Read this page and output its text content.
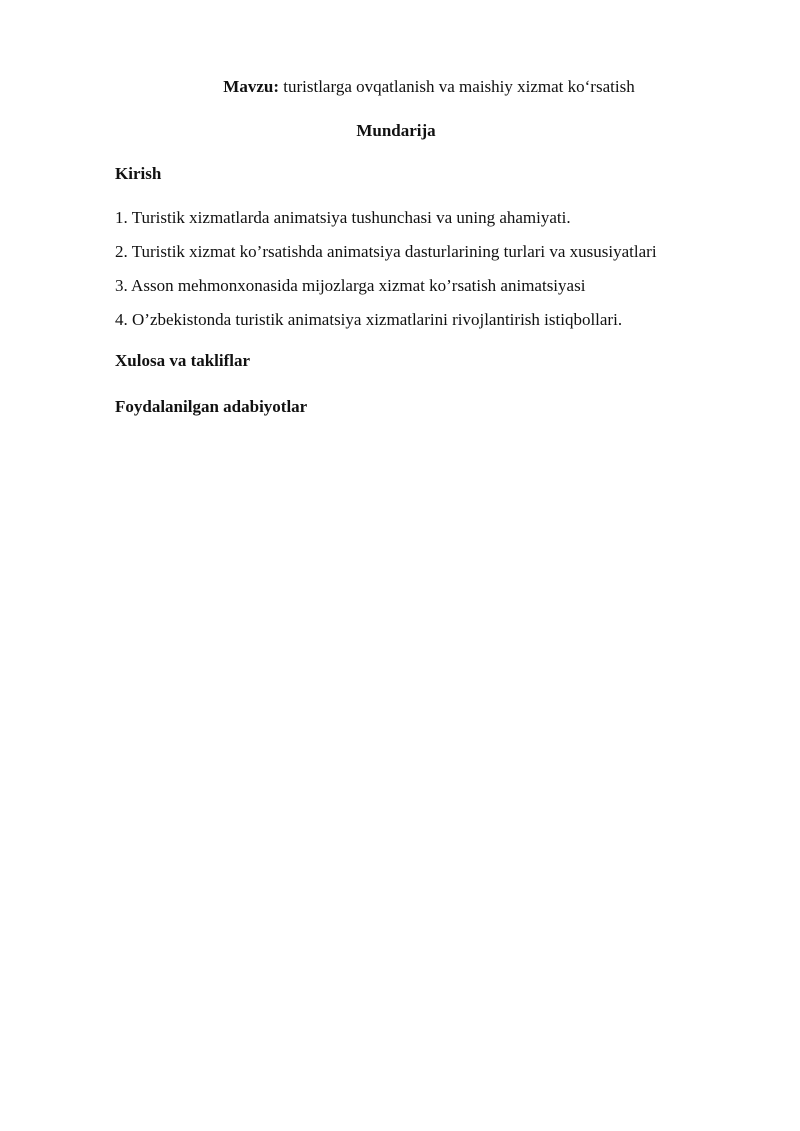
Mavzu: turistlarga ovqatlanish va maishiy xizmat ko‘rsatish
Mundarija
Kirish
1. Turistik xizmatlarda animatsiya tushunchasi va uning ahamiyati.
2. Turistik xizmat ko’rsatishda animatsiya dasturlarining turlari va xususiyatlari
3. Asson mehmonxonasida mijozlarga xizmat ko’rsatish animatsiyasi
4. O’zbekistonda turistik animatsiya xizmatlarini rivojlantirish istiqbollari.
Xulosa va takliflar
Foydalanilgan adabiyotlar
